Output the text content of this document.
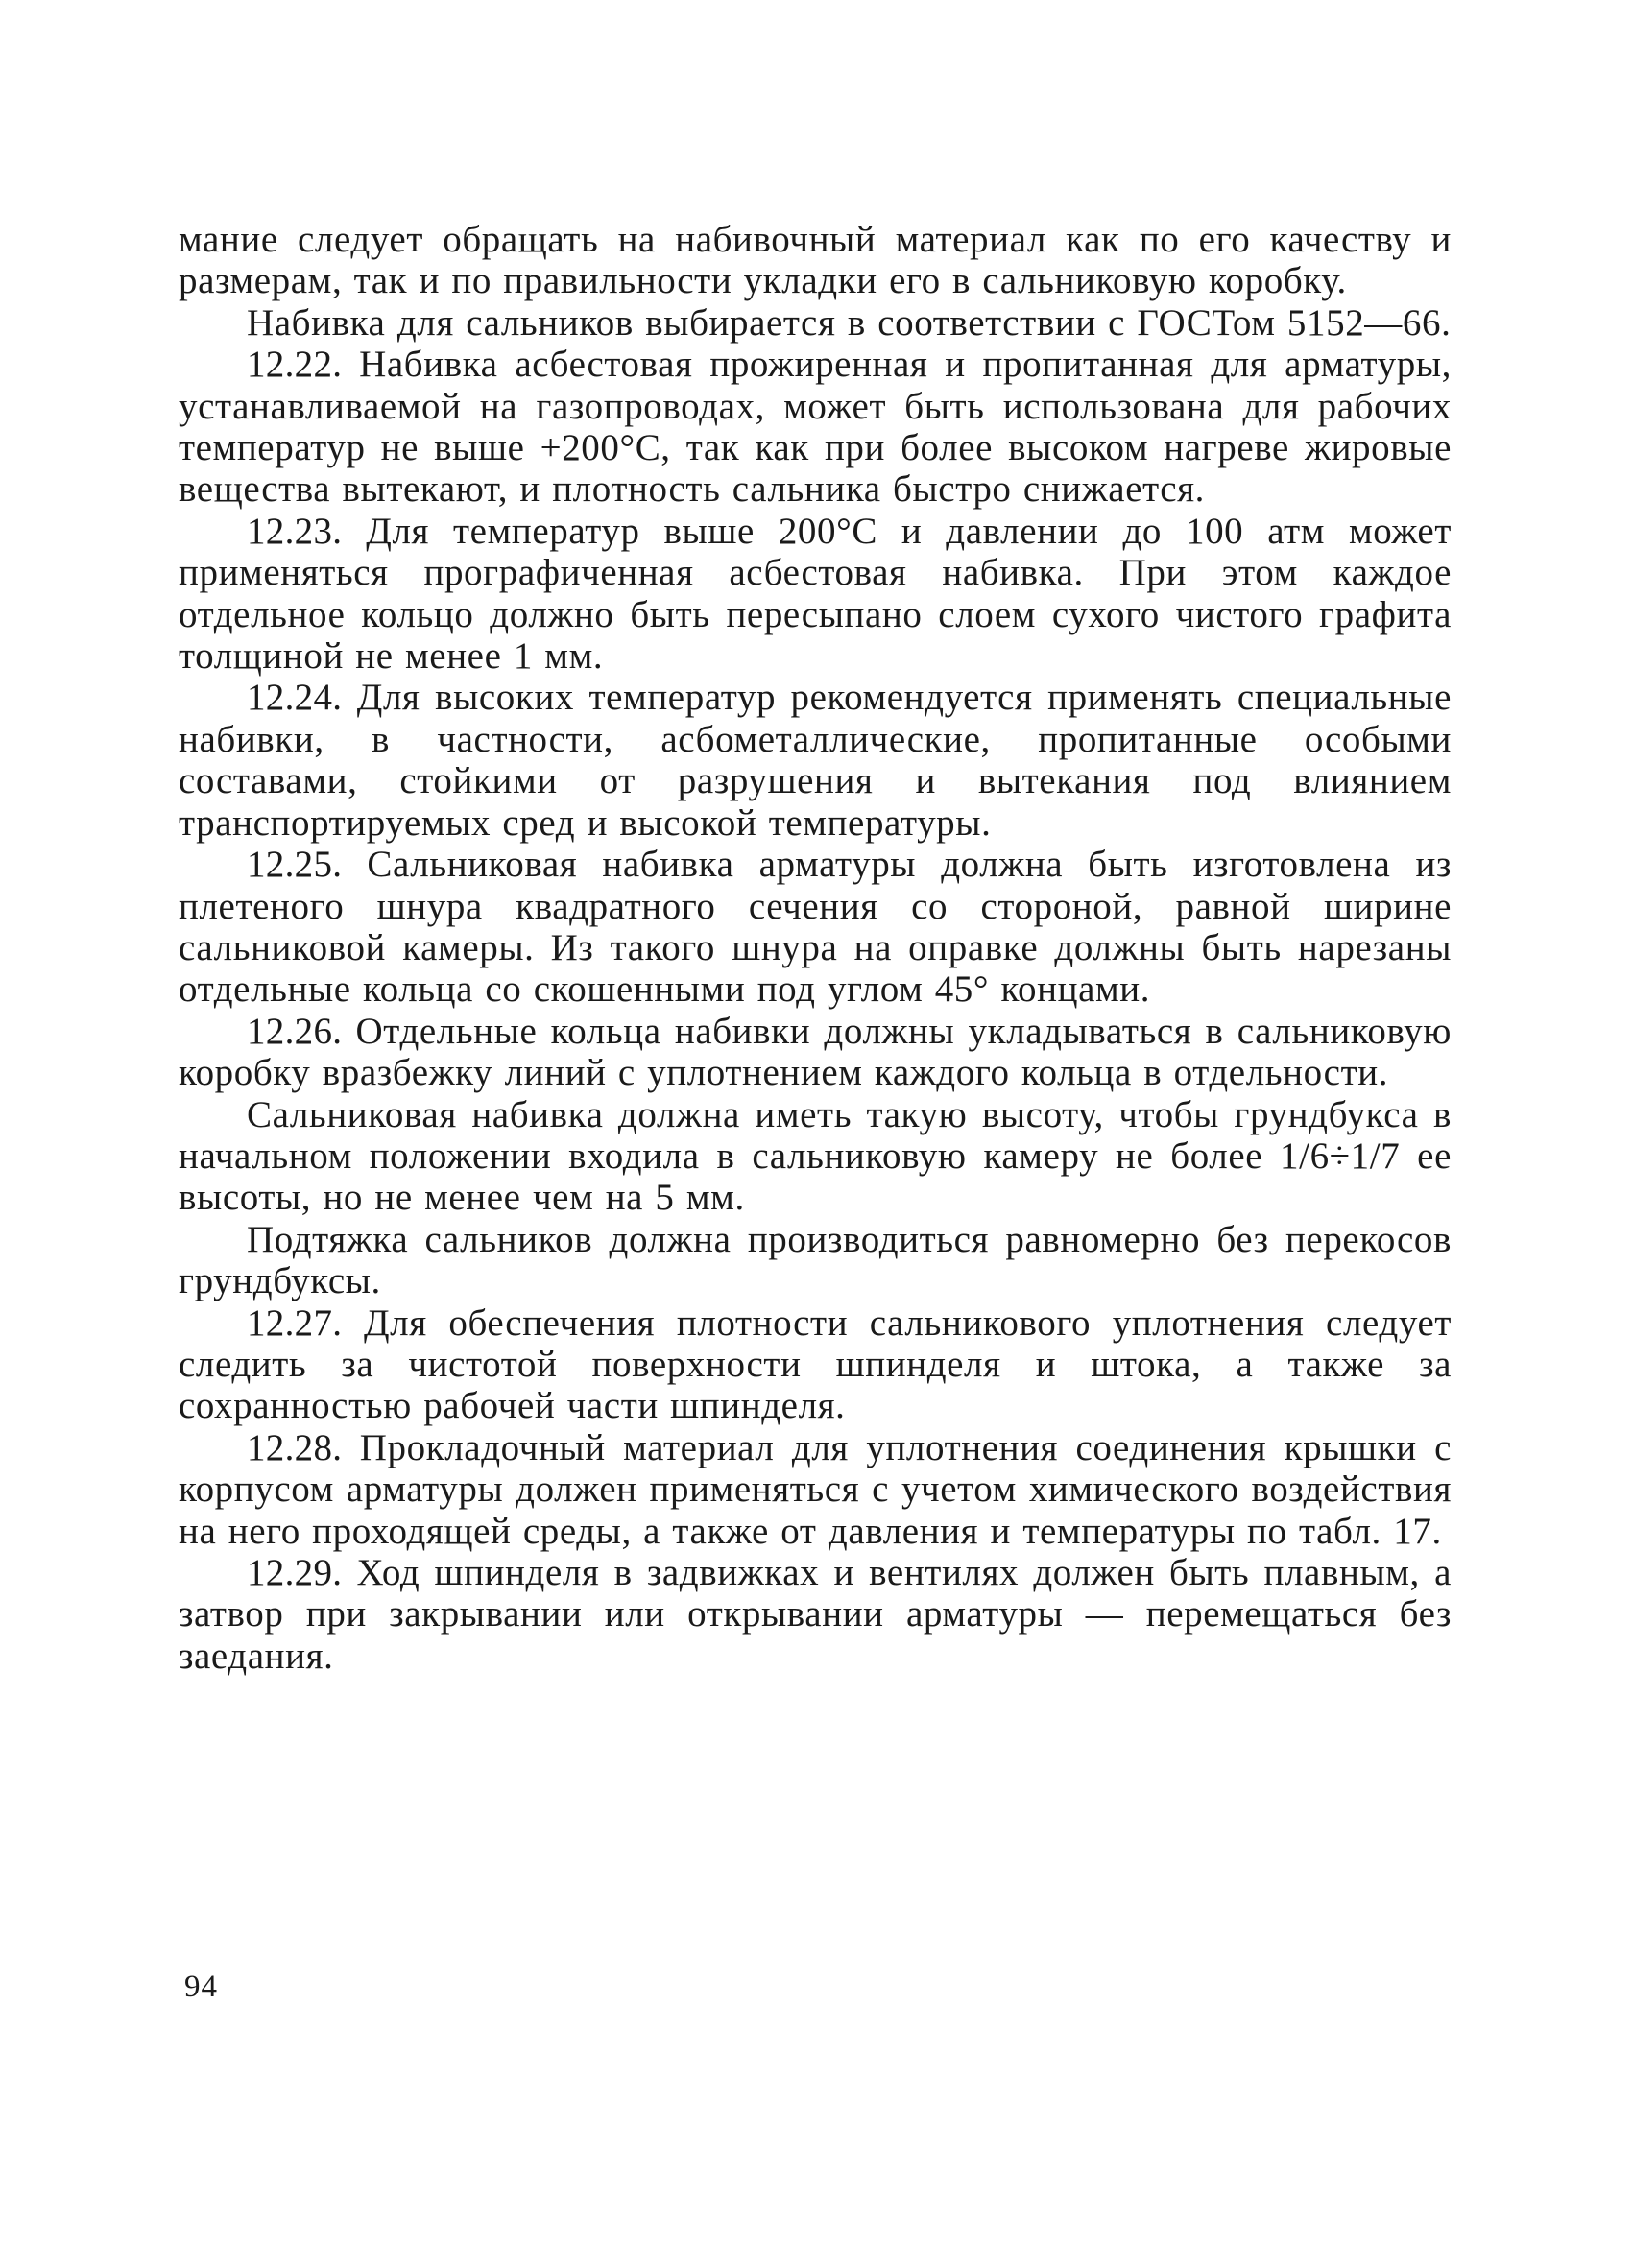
мание следует обращать на набивочный материал как по его качеству и размерам, так и по правильности укладки его в сальниковую коробку.

Набивка для сальников выбирается в соответствии с ГОСТом 5152—66.

12.22. Набивка асбестовая прожиренная и пропитанная для арматуры, устанавливаемой на газопроводах, может быть использована для рабочих температур не выше +200°C, так как при более высоком нагреве жировые вещества вытекают, и плотность сальника быстро снижается.

12.23. Для температур выше 200°C и давлении до 100 атм может применяться прографиченная асбестовая набивка. При этом каждое отдельное кольцо должно быть пересыпано слоем сухого чистого графита толщиной не менее 1 мм.

12.24. Для высоких температур рекомендуется применять специальные набивки, в частности, асбометаллические, пропитанные особыми составами, стойкими от разрушения и вытекания под влиянием транспортируемых сред и высокой температуры.

12.25. Сальниковая набивка арматуры должна быть изготовлена из плетеного шнура квадратного сечения со стороной, равной ширине сальниковой камеры. Из такого шнура на оправке должны быть нарезаны отдельные кольца со скошенными под углом 45° концами.

12.26. Отдельные кольца набивки должны укладываться в сальниковую коробку вразбежку линий с уплотнением каждого кольца в отдельности.

Сальниковая набивка должна иметь такую высоту, чтобы грундбукса в начальном положении входила в сальниковую камеру не более 1/6÷1/7 ее высоты, но не менее чем на 5 мм.

Подтяжка сальников должна производиться равномерно без перекосов грундбуксы.

12.27. Для обеспечения плотности сальникового уплотнения следует следить за чистотой поверхности шпинделя и штока, а также за сохранностью рабочей части шпинделя.

12.28. Прокладочный материал для уплотнения соединения крышки с корпусом арматуры должен применяться с учетом химического воздействия на него проходящей среды, а также от давления и температуры по табл. 17.

12.29. Ход шпинделя в задвижках и вентилях должен быть плавным, а затвор при закрывании или открывании арматуры — перемещаться без заедания.

94
